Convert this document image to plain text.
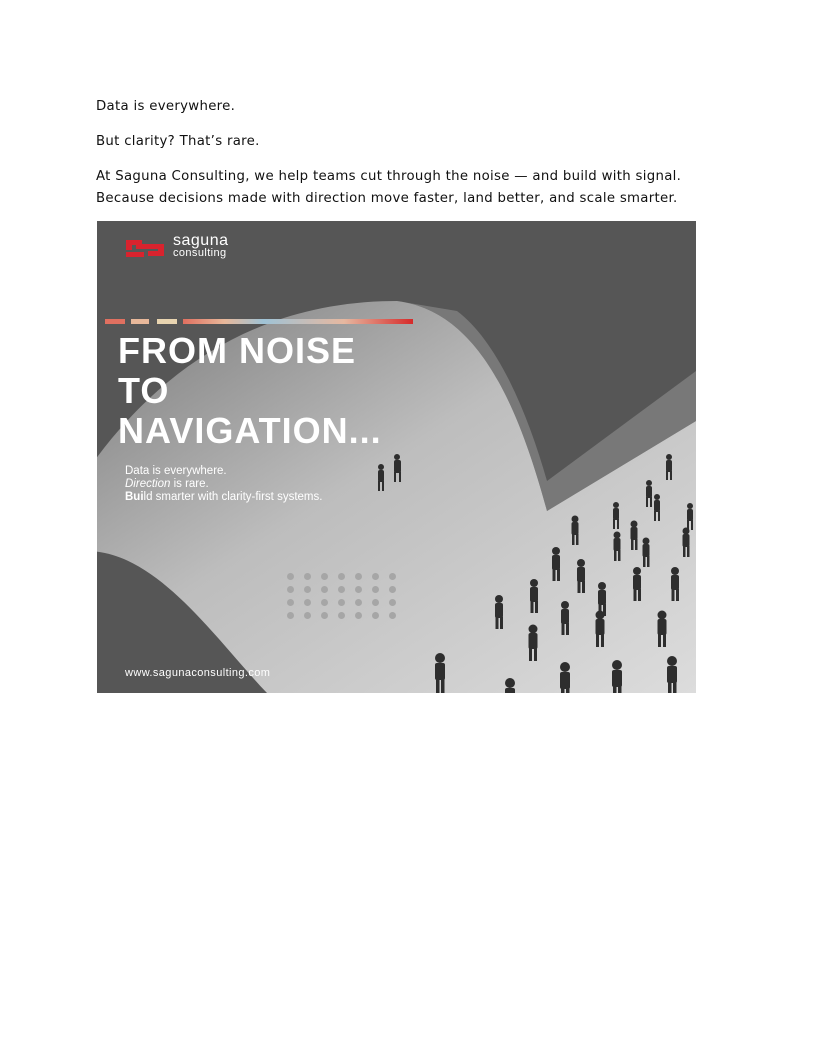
Data is everywhere.

But clarity? That’s rare.

At Saguna Consulting, we help teams cut through the noise — and build with signal. Because decisions made with direction move faster, land better, and scale smarter.

saguna
consulting
FROM NOISE
TO
NAVIGATION...
Data is everywhere.
Direction is rare.
Build smarter with clarity-first systems.
www.sagunaconsulting.com
